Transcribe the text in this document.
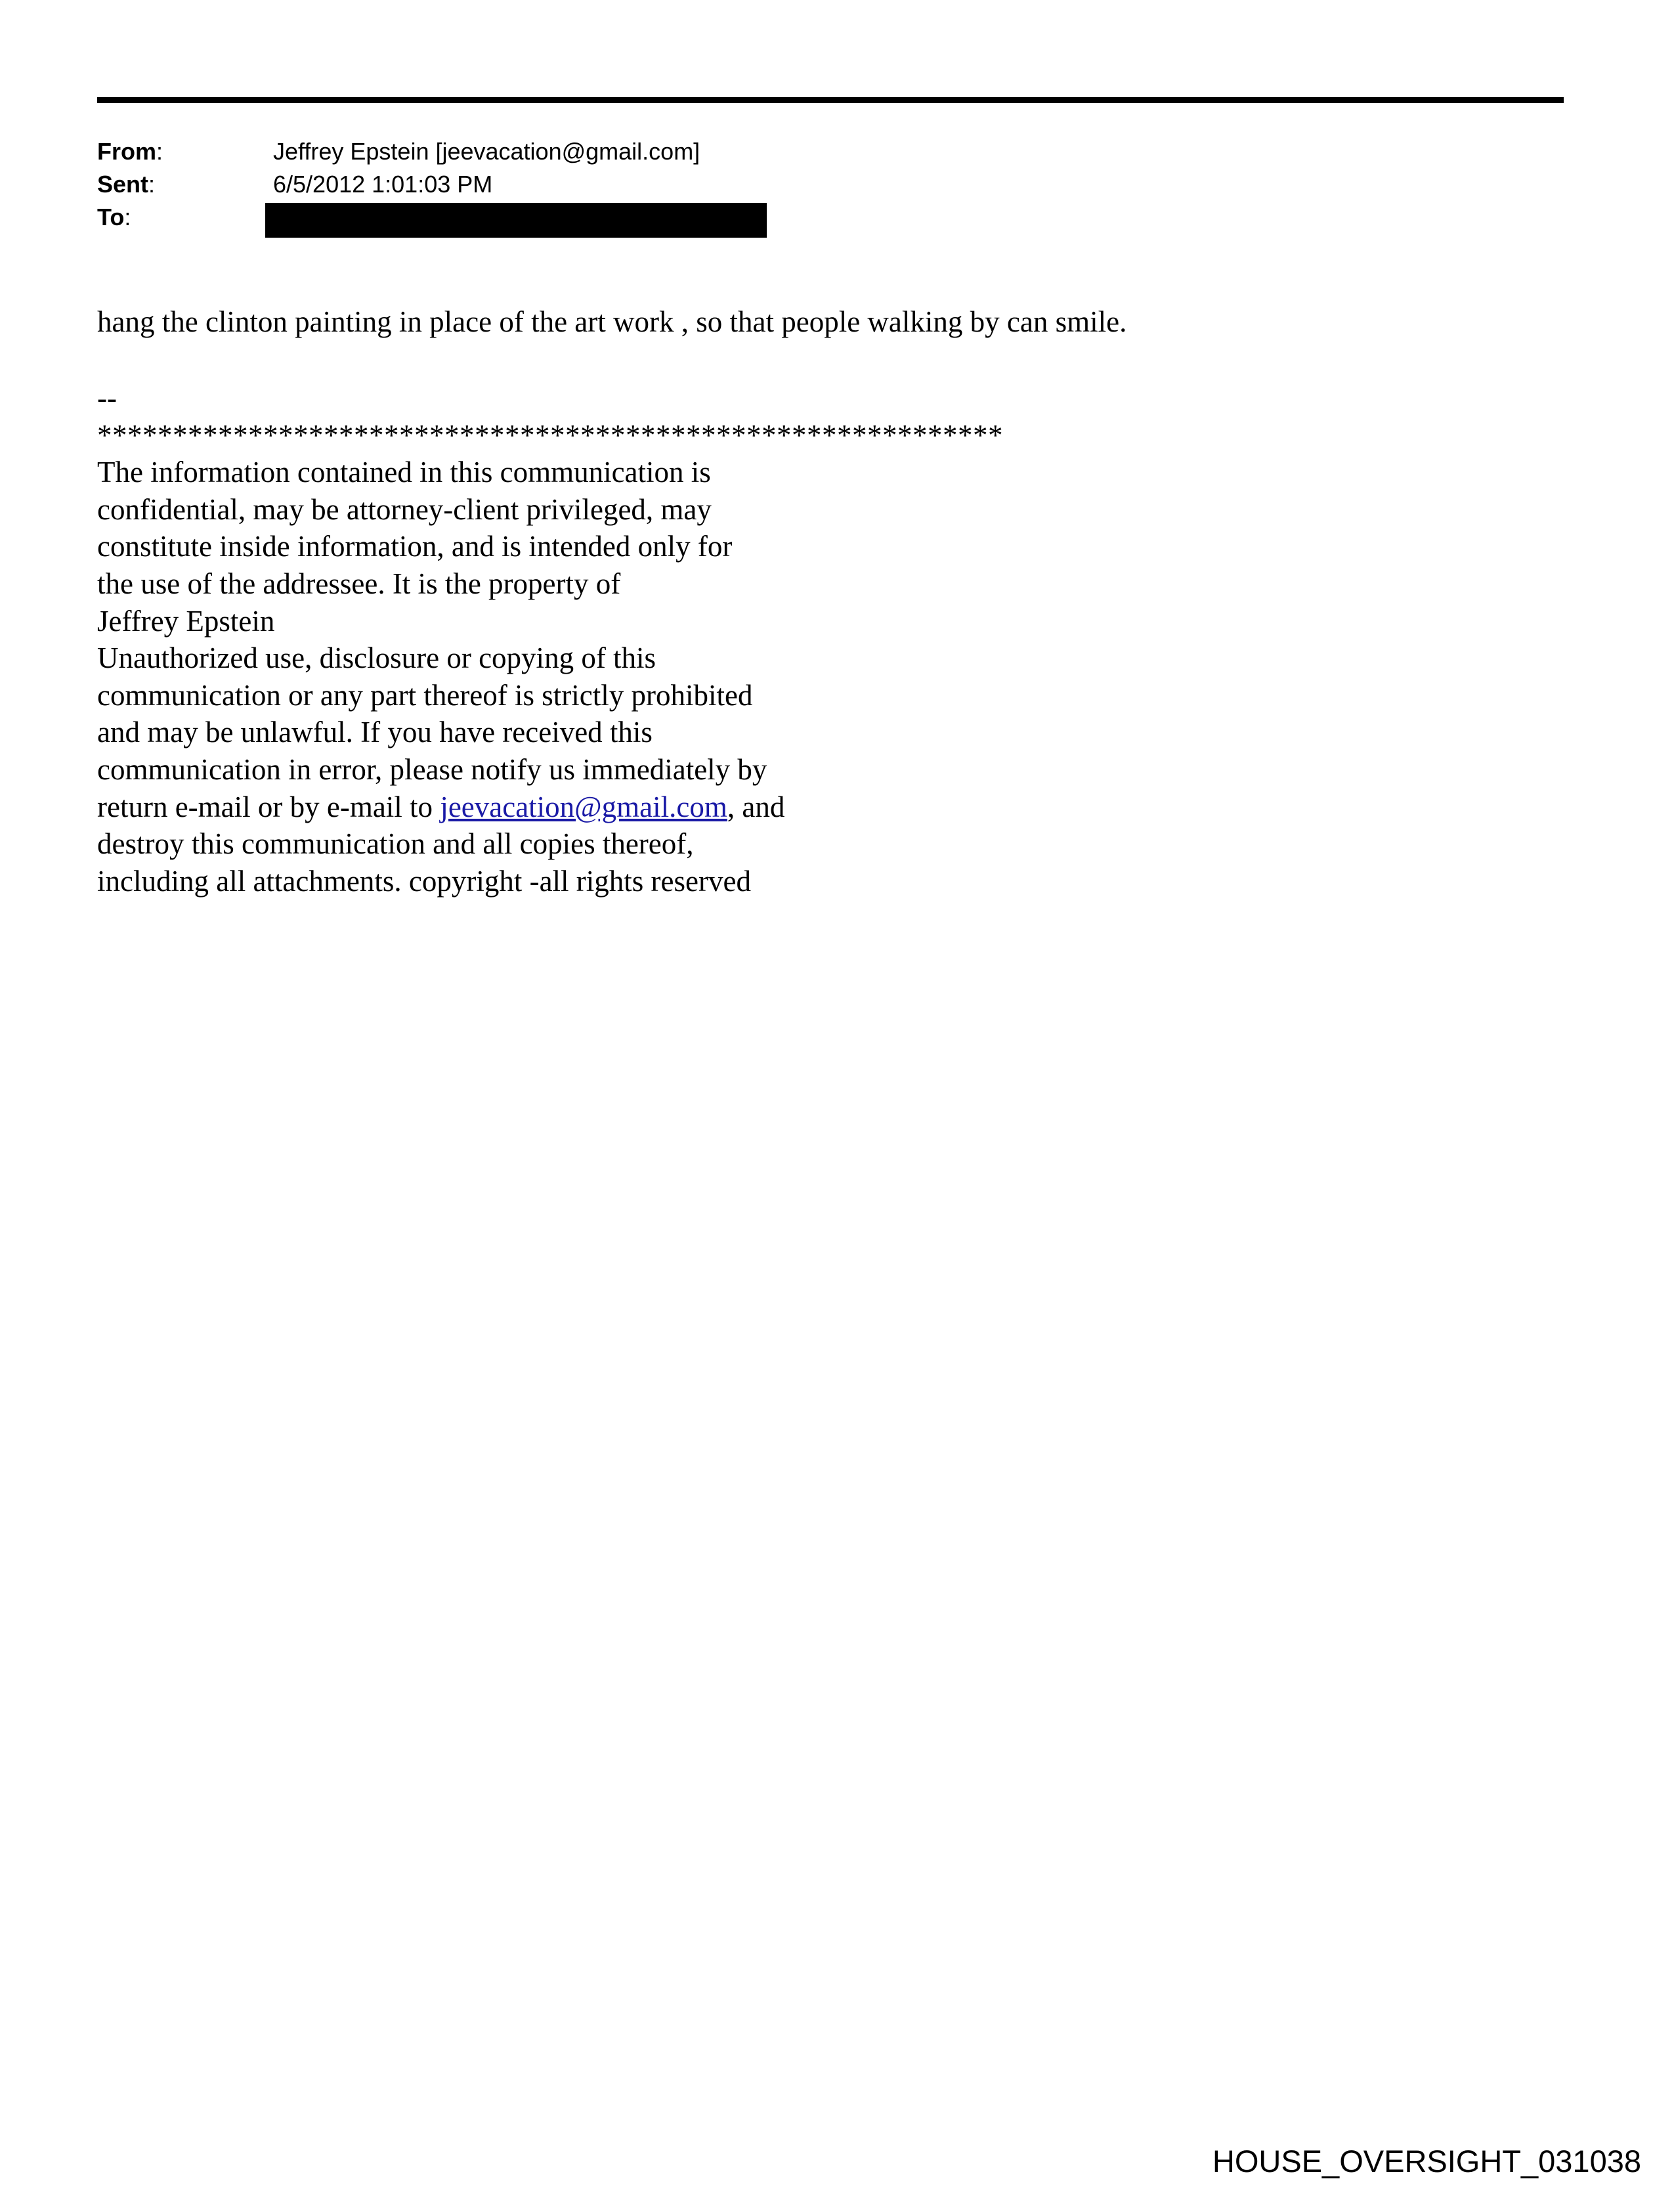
From:	Jeffrey Epstein [jeevacation@gmail.com]
Sent:	6/5/2012 1:01:03 PM
To:
hang the clinton painting in place of the art work , so that people walking by can smile.
--
************************************************************
The information contained in this communication is
confidential, may be attorney-client privileged, may
constitute inside information, and is intended only for
the use of the addressee. It is the property of
Jeffrey Epstein
Unauthorized use, disclosure or copying of this
communication or any part thereof is strictly prohibited
and may be unlawful. If you have received this
communication in error, please notify us immediately by
return e-mail or by e-mail to jeevacation@gmail.com, and
destroy this communication and all copies thereof,
including all attachments. copyright -all rights reserved
HOUSE_OVERSIGHT_031038
